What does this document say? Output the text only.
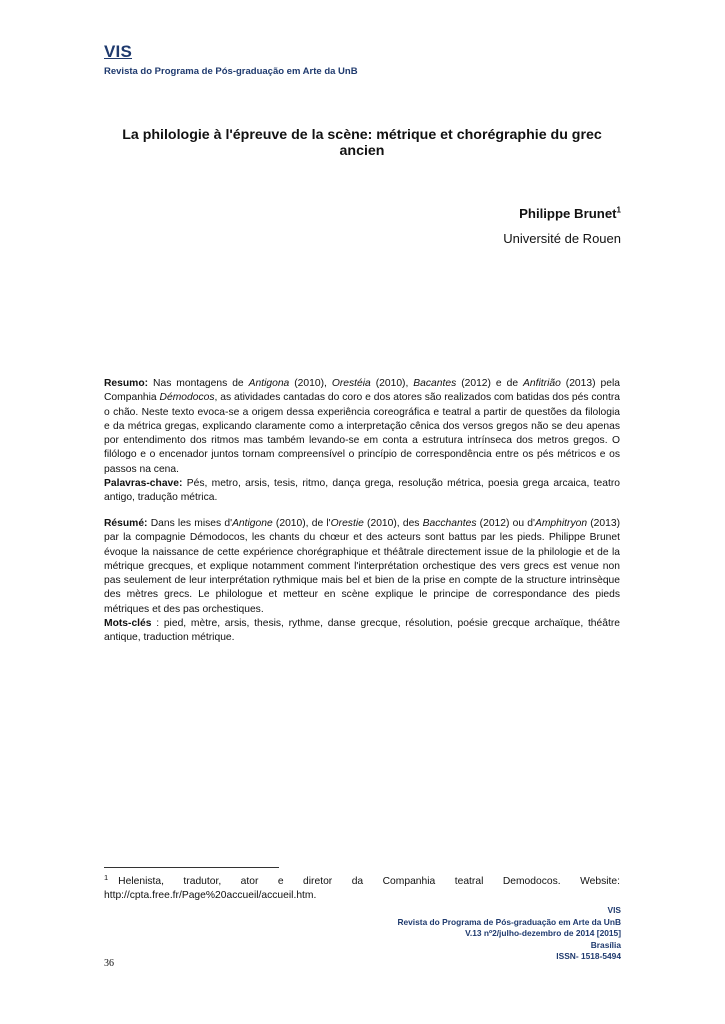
VIS
Revista do Programa de Pós-graduação em Arte da UnB
La philologie à l'épreuve de la scène: métrique et chorégraphie du grec ancien
Philippe Brunet$^1$
Université de Rouen

Resumo: Nas montagens de Antigona (2010), Orestéia (2010), Bacantes (2012) e de Anfitrião (2013) pela Companhia Démodocos, as atividades cantadas do coro e dos atores são realizados com batidas dos pés contra o chão. Neste texto evoca-se a origem dessa experiência coreográfica e teatral a partir de questões da filologia e da métrica gregas, explicando claramente como a interpretação cênica dos versos gregos não se deu apenas por entendimento dos ritmos mas também levando-se em conta a estrutura intrínseca dos metros gregos. O filólogo e o encenador juntos tornam compreensível o princípio de correspondência entre os pés métricos e os passos na cena.

Palavras-chave: Pés, metro, arsis, tesis, ritmo, dança grega, resolução métrica, poesia grega arcaica, teatro antigo, tradução métrica.

Résumé: Dans les mises d'Antigone (2010), de l'Orestie (2010), des Bacchantes (2012) ou d'Amphitryon (2013) par la compagnie Démodocos, les chants du chœur et des acteurs sont battus par les pieds. Philippe Brunet évoque la naissance de cette expérience chorégraphique et théâtrale directement issue de la philologie et de la métrique grecques, et explique notamment comment l'interprétation orchestique des vers grecs est venue non pas seulement de leur interprétation rythmique mais bel et bien de la prise en compte de la structure intrinsèque des mètres grecs. Le philologue et metteur en scène explique le principe de correspondance des pieds métriques et des pas orchestiques.

Mots-clés : pied, mètre, arsis, thesis, rythme, danse grecque, résolution, poésie grecque archaïque, théâtre antique, traduction métrique.

$^1$ Helenista, tradutor, ator e diretor da Companhia teatral Demodocos. Website:
http://cpta.free.fr/Page%20accueil/accueil.htm.
VIS
Revista do Programa de Pós-graduação em Arte da UnB
V.13 nº2/julho-dezembro de 2014 [2015]
Brasília
ISSN- 1518-5494
36
